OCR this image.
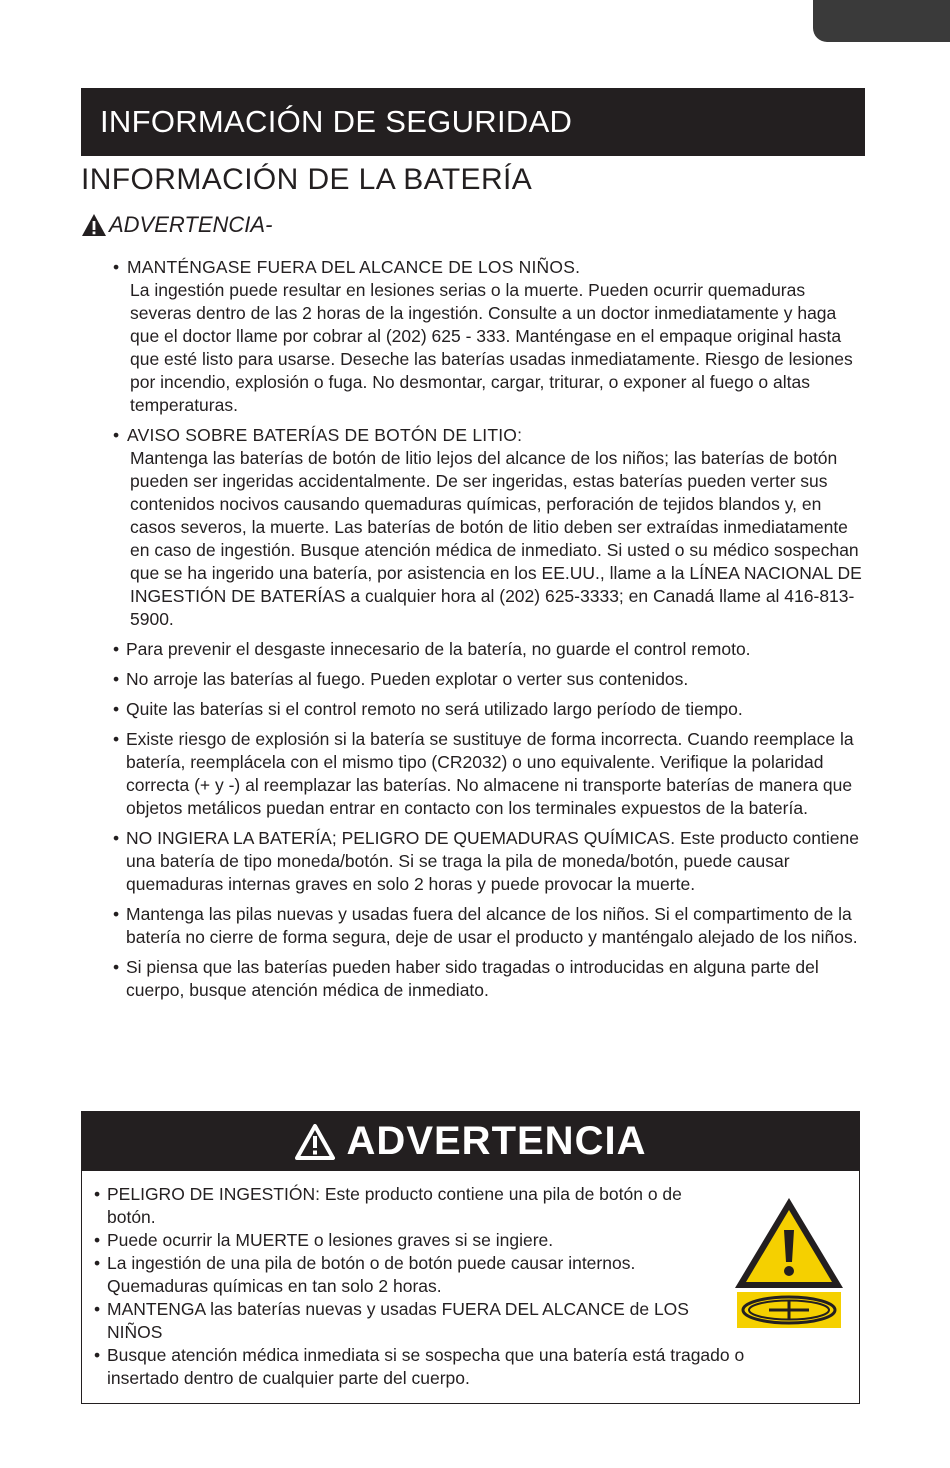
INFORMACIÓN DE SEGURIDAD
INFORMACIÓN DE LA BATERÍA
ADVERTENCIA-
• MANTÉNGASE FUERA DEL ALCANCE DE LOS NIÑOS.
La ingestión puede resultar en lesiones serias o la muerte. Pueden ocurrir quemaduras severas dentro de las 2 horas de la ingestión. Consulte a un doctor inmediatamente y haga que el doctor llame por cobrar al (202) 625 - 333. Manténgase en el empaque original hasta que esté listo para usarse. Deseche las baterías usadas inmediatamente. Riesgo de lesiones por incendio, explosión o fuga. No desmontar, cargar, triturar, o exponer al fuego o altas temperaturas.
• AVISO SOBRE BATERÍAS DE BOTÓN DE LITIO:
Mantenga las baterías de botón de litio lejos del alcance de los niños; las baterías de botón pueden ser ingeridas accidentalmente. De ser ingeridas, estas baterías pueden verter sus contenidos nocivos causando quemaduras químicas, perforación de tejidos blandos y, en casos severos, la muerte. Las baterías de botón de litio deben ser extraídas inmediatamente en caso de ingestión. Busque atención médica de inmediato. Si usted o su médico sospechan que se ha ingerido una batería, por asistencia en los EE.UU., llame a la LÍNEA NACIONAL DE INGESTIÓN DE BATERÍAS a cualquier hora al (202) 625-3333; en Canadá llame al 416-813-5900.
• Para prevenir el desgaste innecesario de la batería, no guarde el control remoto.
• No arroje las baterías al fuego. Pueden explotar o verter sus contenidos.
• Quite las baterías si el control remoto no será utilizado largo período de tiempo.
• Existe riesgo de explosión si la batería se sustituye de forma incorrecta. Cuando reemplace la batería, reemplácela con el mismo tipo (CR2032) o uno equivalente. Verifique la polaridad correcta (+ y -) al reemplazar las baterías. No almacene ni transporte baterías de manera que objetos metálicos puedan entrar en contacto con los terminales expuestos de la batería.
• NO INGIERA LA BATERÍA; PELIGRO DE QUEMADURAS QUÍMICAS. Este producto contiene una batería de tipo moneda/botón. Si se traga la pila de moneda/botón, puede causar quemaduras internas graves en solo 2 horas y puede provocar la muerte.
• Mantenga las pilas nuevas y usadas fuera del alcance de los niños. Si el compartimento de la batería no cierre de forma segura, deje de usar el producto y manténgalo alejado de los niños.
• Si piensa que las baterías pueden haber sido tragadas o introducidas en alguna parte del cuerpo, busque atención médica de inmediato.
ADVERTENCIA
• PELIGRO DE INGESTIÓN: Este producto contiene una pila de botón o de botón.
• Puede ocurrir la MUERTE o lesiones graves si se ingiere.
• La ingestión de una pila de botón o de botón puede causar internos. Quemaduras químicas en tan solo 2 horas.
• MANTENGA las baterías nuevas y usadas FUERA DEL ALCANCE de LOS NIÑOS
• Busque atención médica inmediata si se sospecha que una batería está tragado o insertado dentro de cualquier parte del cuerpo.
